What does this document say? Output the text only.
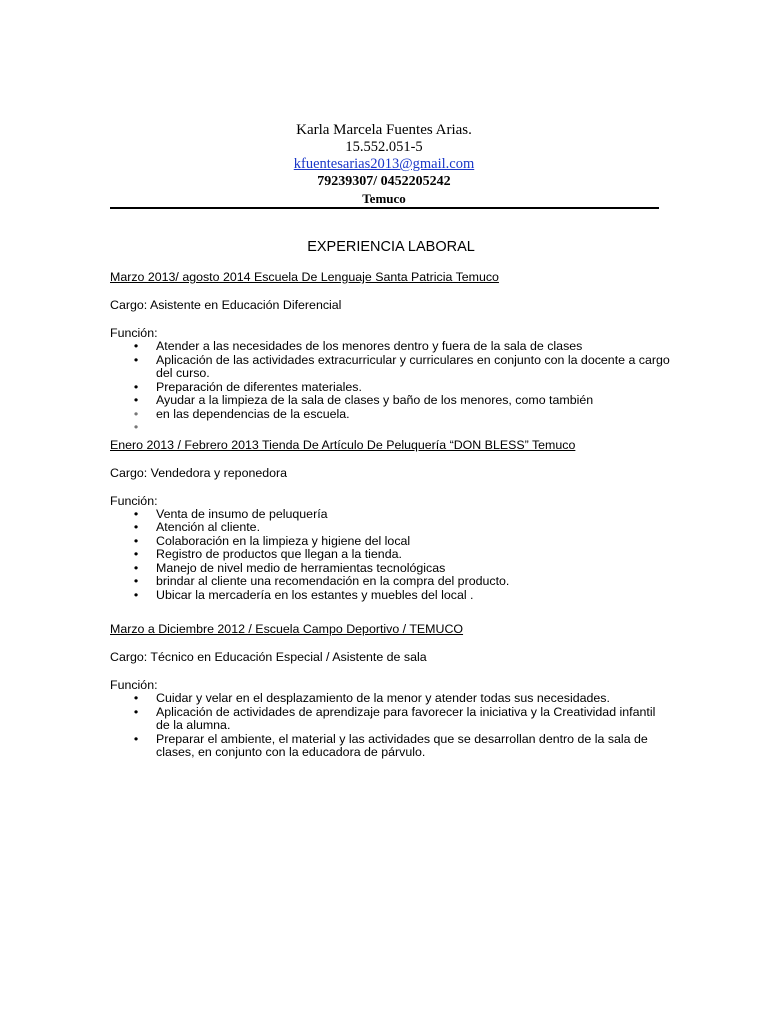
Karla Marcela Fuentes Arias.
15.552.051-5
kfuentesarias2013@gmail.com
79239307/ 0452205242
Temuco
EXPERIENCIA LABORAL
Marzo 2013/ agosto 2014 Escuela De Lenguaje Santa Patricia Temuco
Cargo: Asistente en Educación Diferencial
Función:
•	Atender a las necesidades de los menores dentro y fuera de la sala de clases
•	Aplicación de las actividades extracurricular y curriculares en conjunto con la docente a cargo del curso.
•	Preparación de diferentes materiales.
•	Ayudar a la limpieza de la sala de clases y baño de los menores, como también
•	en las dependencias de la escuela.
•

Enero 2013 / Febrero 2013 Tienda De Artículo De Peluquería “DON BLESS” Temuco
Cargo: Vendedora y reponedora
Función:
•	Venta de insumo de peluquería
•	Atención al cliente.
•	Colaboración en la limpieza y higiene del local
•	Registro de productos que llegan a la tienda.
•	Manejo de nivel medio de herramientas tecnológicas
•	brindar al cliente una recomendación en la compra del producto.
•	Ubicar la mercadería en los estantes y muebles del local .
Marzo a Diciembre 2012 / Escuela Campo Deportivo / TEMUCO
Cargo: Técnico en Educación Especial / Asistente de sala
Función:
•	Cuidar y velar en el desplazamiento de la menor y atender todas sus necesidades.
•	Aplicación de actividades de aprendizaje para favorecer la iniciativa y la Creatividad infantil de la alumna.
•	Preparar el ambiente, el material y las actividades que se desarrollan dentro de la sala de clases, en conjunto con la educadora de párvulo.
